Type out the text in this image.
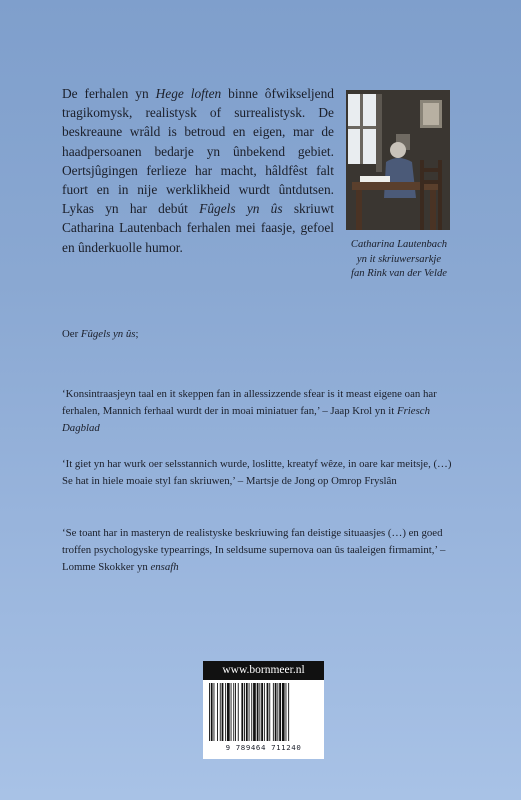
De ferhalen yn Hege loften binne ôfwikseljend tragikomysk, realistysk of surrealistysk. De beskreaune wrâld is betroud en eigen, mar de haadpersoanen bedarje yn ûnbekend gebiet. Oertsjûgingen ferlieze har macht, hâldfêst falt fuort en in nije werklikheid wurdt ûntdutsen. Lykas yn har debút Fûgels yn ûs skriuwt Catharina Lautenbach ferhalen mei faasje, gefoel en ûnderkuolle humor.	Catharina Lautenbach
yn it skriuwersarkje
fan Rink van der Velde
Oer Fûgels yn ûs;
‘Konsintraasjeyn taal en it skeppen fan in allessizzende sfear is it meast eigene oan har ferhalen, Mannich ferhaal wurdt der in moai miniatuer fan,’ – Jaap Krol yn it Friesch Dagblad
‘It giet yn har wurk oer selsstannich wurde, loslitte, kreatyf wêze, in oare kar meitsje, (…) Se hat in hiele moaie styl fan skriuwen,’ – Martsje de Jong op Omrop Fryslân
‘Se toant har in masteryn de realistyske beskriuwing fan deistige situaasjes (…) en goed troffen psychologyske typearrings, In seldsume supernova oan ûs taaleigen firmamint,’ – Lomme Skokker yn ensafh
www.bornmeer.nl
9 789464 711240
